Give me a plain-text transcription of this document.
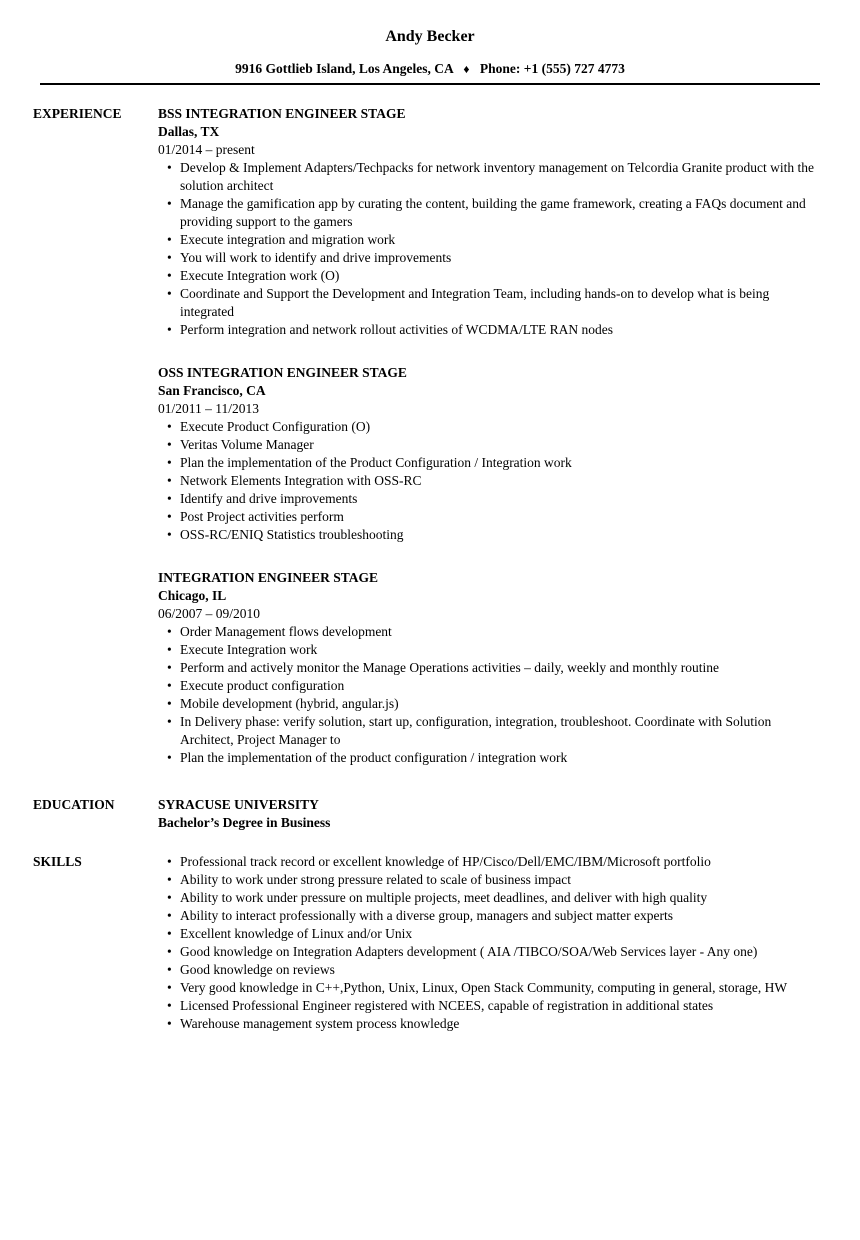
Andy Becker

9916 Gottlieb Island, Los Angeles, CA ♦ Phone: +1 (555) 727 4773

EXPERIENCE	BSS INTEGRATION ENGINEER STAGE
Dallas, TX
01/2014 – present
• Develop & Implement Adapters/Techpacks for network inventory management on Telcordia Granite product with the solution architect
• Manage the gamification app by curating the content, building the game framework, creating a FAQs document and providing support to the gamers
• Execute integration and migration work
• You will work to identify and drive improvements
• Execute Integration work (O)
• Coordinate and Support the Development and Integration Team, including hands-on to develop what is being integrated
• Perform integration and network rollout activities of WCDMA/LTE RAN nodes
OSS INTEGRATION ENGINEER STAGE
San Francisco, CA
01/2011 – 11/2013
• Execute Product Configuration (O)
• Veritas Volume Manager
• Plan the implementation of the Product Configuration / Integration work
• Network Elements Integration with OSS-RC
• Identify and drive improvements
• Post Project activities perform
• OSS-RC/ENIQ Statistics troubleshooting
INTEGRATION ENGINEER STAGE
Chicago, IL
06/2007 – 09/2010
• Order Management flows development
• Execute Integration work
• Perform and actively monitor the Manage Operations activities – daily, weekly and monthly routine
• Execute product configuration
• Mobile development (hybrid, angular.js)
• In Delivery phase: verify solution, start up, configuration, integration, troubleshoot. Coordinate with Solution Architect, Project Manager to
• Plan the implementation of the product configuration / integration work
EDUCATION	SYRACUSE UNIVERSITY
Bachelor’s Degree in Business
SKILLS	• Professional track record or excellent knowledge of HP/Cisco/Dell/EMC/IBM/Microsoft portfolio
• Ability to work under strong pressure related to scale of business impact
• Ability to work under pressure on multiple projects, meet deadlines, and deliver with high quality
• Ability to interact professionally with a diverse group, managers and subject matter experts
• Excellent knowledge of Linux and/or Unix
• Good knowledge on Integration Adapters development ( AIA /TIBCO/SOA/Web Services layer - Any one)
• Good knowledge on reviews
• Very good knowledge in C++,Python, Unix, Linux, Open Stack Community, computing in general, storage, HW
• Licensed Professional Engineer registered with NCEES, capable of registration in additional states
• Warehouse management system process knowledge
